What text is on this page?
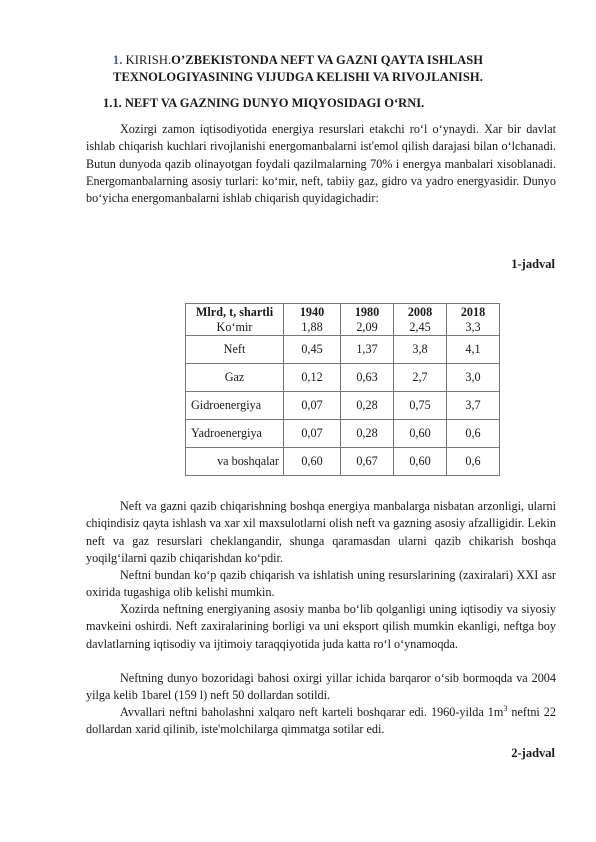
1. KIRISH.O’ZBEKISTONDA NEFT VA GAZNI QAYTA ISHLASH
TEXNOLOGIYASINING VIJUDGA KELISHI VA RIVOJLANISH.
1.1. NEFT VA GAZNING DUNYO MIQYOSIDAGI O‘RNI.

Xozirgi zamon iqtisodiyotida energiya resurslari etakchi ro‘l o‘ynaydi. Xar bir davlat ishlab chiqarish kuchlari rivojlanishi energomanbalarni ist'emol qilish darajasi bilan o‘lchanadi. Butun dunyoda qazib olinayotgan foydali qazilmalarning 70% i energya manbalari xisoblanadi. Energomanbalarning asosiy turlari: ko‘mir, neft, tabiiy gaz, gidro va yadro energyasidir. Dunyo bo‘yicha energomanbalarni ishlab chiqarish quyidagichadir:

1-jadval
Mlrd, t, shartli	1940	1980	2008	2018
Ko‘mir	1,88	2,09	2,45	3,3
Neft	0,45	1,37	3,8	4,1
Gaz	0,12	0,63	2,7	3,0
Gidroenergiya	0,07	0,28	0,75	3,7
Yadroenergiya	0,07	0,28	0,60	0,6
va boshqalar	0,60	0,67	0,60	0,6

Neft va gazni qazib chiqarishning boshqa energiya manbalarga nisbatan arzonligi, ularni chiqindisiz qayta ishlash va xar xil maxsulotlarni olish neft va gazning asosiy afzalligidir. Lekin neft va gaz resurslari cheklangandir, shunga qaramasdan ularni qazib chikarish boshqa yoqilg‘ilarni qazib chiqarishdan ko‘pdir.

Neftni bundan ko‘p qazib chiqarish va ishlatish uning resurslarining (zaxiralari) XXI asr oxirida tugashiga olib kelishi mumkin.

Xozirda neftning energiyaning asosiy manba bo‘lib qolganligi uning iqtisodiy va siyosiy mavkeini oshirdi. Neft zaxiralarining borligi va uni eksport qilish mumkin ekanligi, neftga boy davlatlarning iqtisodiy va ijtimoiy taraqqiyotida juda katta ro‘l o‘ynamoqda.

Neftning dunyo bozoridagi bahosi oxirgi yillar ichida barqaror o‘sib bormoqda va 2004 yilga kelib 1barel (159 l) neft 50 dollardan sotildi.

Avvallari neftni baholashni xalqaro neft karteli boshqarar edi. 1960-yilda $1m^3$ neftni 22 dollardan xarid qilinib, iste'molchilarga qimmatga sotilar edi.

2-jadval
